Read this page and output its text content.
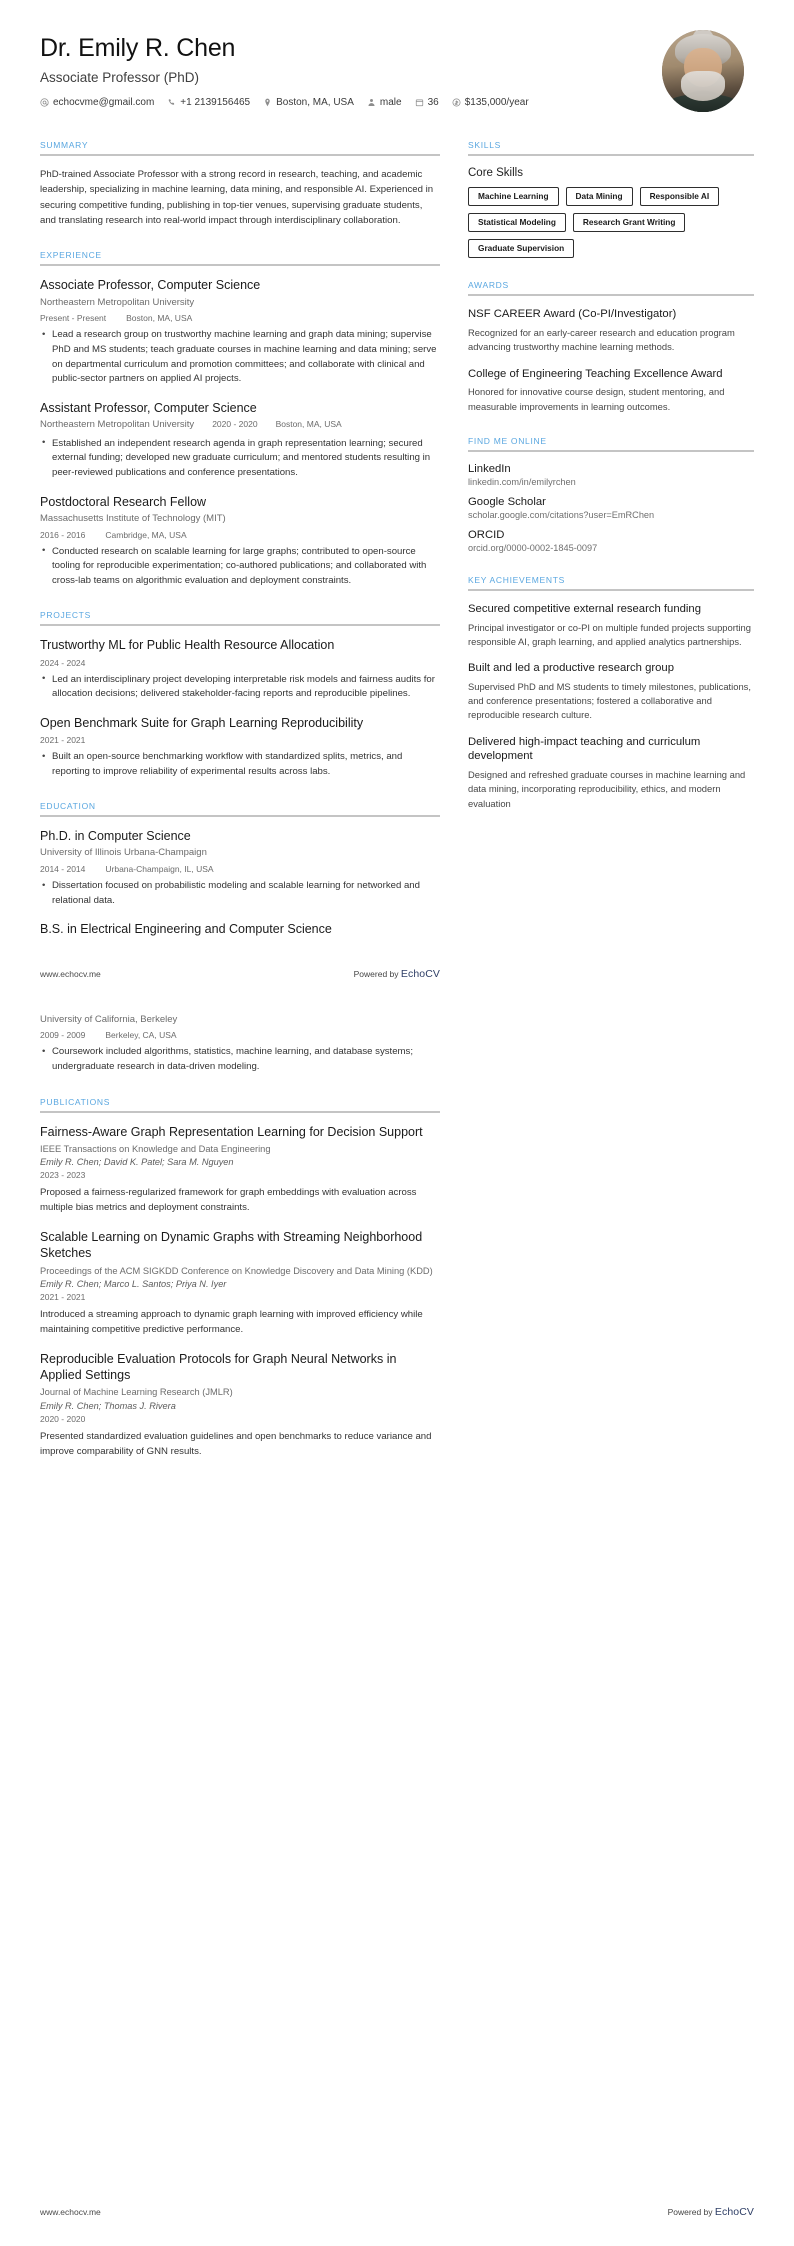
Dr. Emily R. Chen
Associate Professor (PhD)
echocvme@gmail.com	+1 2139156465	Boston, MA, USA	male	36	$135,000/year
SUMMARY
PhD-trained Associate Professor with a strong record in research, teaching, and academic leadership, specializing in machine learning, data mining, and responsible AI. Experienced in securing competitive funding, publishing in top-tier venues, supervising graduate students, and translating research into real-world impact through interdisciplinary collaboration.
EXPERIENCE
Associate Professor, Computer Science
Northeastern Metropolitan University
Present - Present Boston, MA, USA
• Lead a research group on trustworthy machine learning and graph data mining; supervise PhD and MS students; teach graduate courses in machine learning and data mining; serve on departmental curriculum and promotion committees; and collaborate with clinical and public-sector partners on applied AI projects.
Assistant Professor, Computer Science
Northeastern Metropolitan University 2020 - 2020 Boston, MA, USA
• Established an independent research agenda in graph representation learning; secured external funding; developed new graduate curriculum; and mentored students resulting in peer-reviewed publications and conference presentations.
Postdoctoral Research Fellow
Massachusetts Institute of Technology (MIT)
2016 - 2016 Cambridge, MA, USA
• Conducted research on scalable learning for large graphs; contributed to open-source tooling for reproducible experimentation; co-authored publications; and collaborated with cross-lab teams on algorithmic evaluation and deployment constraints.
PROJECTS
Trustworthy ML for Public Health Resource Allocation
2024 - 2024
• Led an interdisciplinary project developing interpretable risk models and fairness audits for allocation decisions; delivered stakeholder-facing reports and reproducible pipelines.
Open Benchmark Suite for Graph Learning Reproducibility
2021 - 2021
• Built an open-source benchmarking workflow with standardized splits, metrics, and reporting to improve reliability of experimental results across labs.
EDUCATION
Ph.D. in Computer Science
University of Illinois Urbana-Champaign
2014 - 2014 Urbana-Champaign, IL, USA
• Dissertation focused on probabilistic modeling and scalable learning for networked and relational data.
B.S. in Electrical Engineering and Computer Science
www.echocv.me	Powered by EchoCV
University of California, Berkeley
2009 - 2009 Berkeley, CA, USA
• Coursework included algorithms, statistics, machine learning, and database systems; undergraduate research in data-driven modeling.
PUBLICATIONS
Fairness-Aware Graph Representation Learning for Decision Support
IEEE Transactions on Knowledge and Data Engineering
Emily R. Chen; David K. Patel; Sara M. Nguyen
2023 - 2023
Proposed a fairness-regularized framework for graph embeddings with evaluation across multiple bias metrics and deployment constraints.
Scalable Learning on Dynamic Graphs with Streaming Neighborhood Sketches
Proceedings of the ACM SIGKDD Conference on Knowledge Discovery and Data Mining (KDD)
Emily R. Chen; Marco L. Santos; Priya N. Iyer
2021 - 2021
Introduced a streaming approach to dynamic graph learning with improved efficiency while maintaining competitive predictive performance.
Reproducible Evaluation Protocols for Graph Neural Networks in Applied Settings
Journal of Machine Learning Research (JMLR)
Emily R. Chen; Thomas J. Rivera
2020 - 2020
Presented standardized evaluation guidelines and open benchmarks to reduce variance and improve comparability of GNN results.
SKILLS
Core Skills
Machine Learning	Data Mining	Responsible AI
Statistical Modeling	Research Grant Writing
Graduate Supervision
AWARDS
NSF CAREER Award (Co-PI/Investigator)
Recognized for an early-career research and education program advancing trustworthy machine learning methods.
College of Engineering Teaching Excellence Award
Honored for innovative course design, student mentoring, and measurable improvements in learning outcomes.
FIND ME ONLINE
LinkedIn
linkedin.com/in/emilyrchen
Google Scholar
scholar.google.com/citations?user=EmRChen
ORCID
orcid.org/0000-0002-1845-0097
KEY ACHIEVEMENTS
Secured competitive external research funding
Principal investigator or co-PI on multiple funded projects supporting responsible AI, graph learning, and applied analytics partnerships.
Built and led a productive research group
Supervised PhD and MS students to timely milestones, publications, and conference presentations; fostered a collaborative and reproducible research culture.
Delivered high-impact teaching and curriculum development
Designed and refreshed graduate courses in machine learning and data mining, incorporating reproducibility, ethics, and modern evaluation
www.echocv.me	Powered by EchoCV
